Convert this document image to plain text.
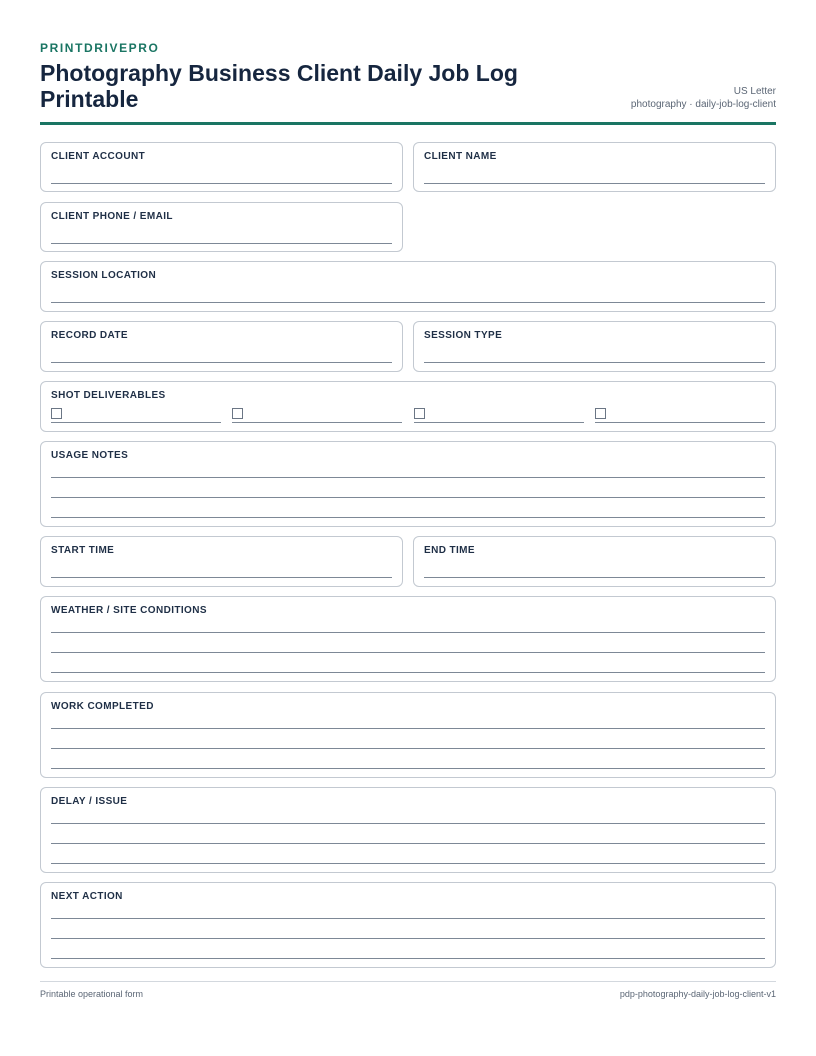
PRINTDRIVEPRO
Photography Business Client Daily Job Log Printable	US Letter
photography · daily-job-log-client
CLIENT ACCOUNT	CLIENT NAME
CLIENT PHONE / EMAIL
SESSION LOCATION
RECORD DATE	SESSION TYPE
SHOT DELIVERABLES
USAGE NOTES
START TIME	END TIME
WEATHER / SITE CONDITIONS
WORK COMPLETED
DELAY / ISSUE
NEXT ACTION
Printable operational form	pdp-photography-daily-job-log-client-v1
